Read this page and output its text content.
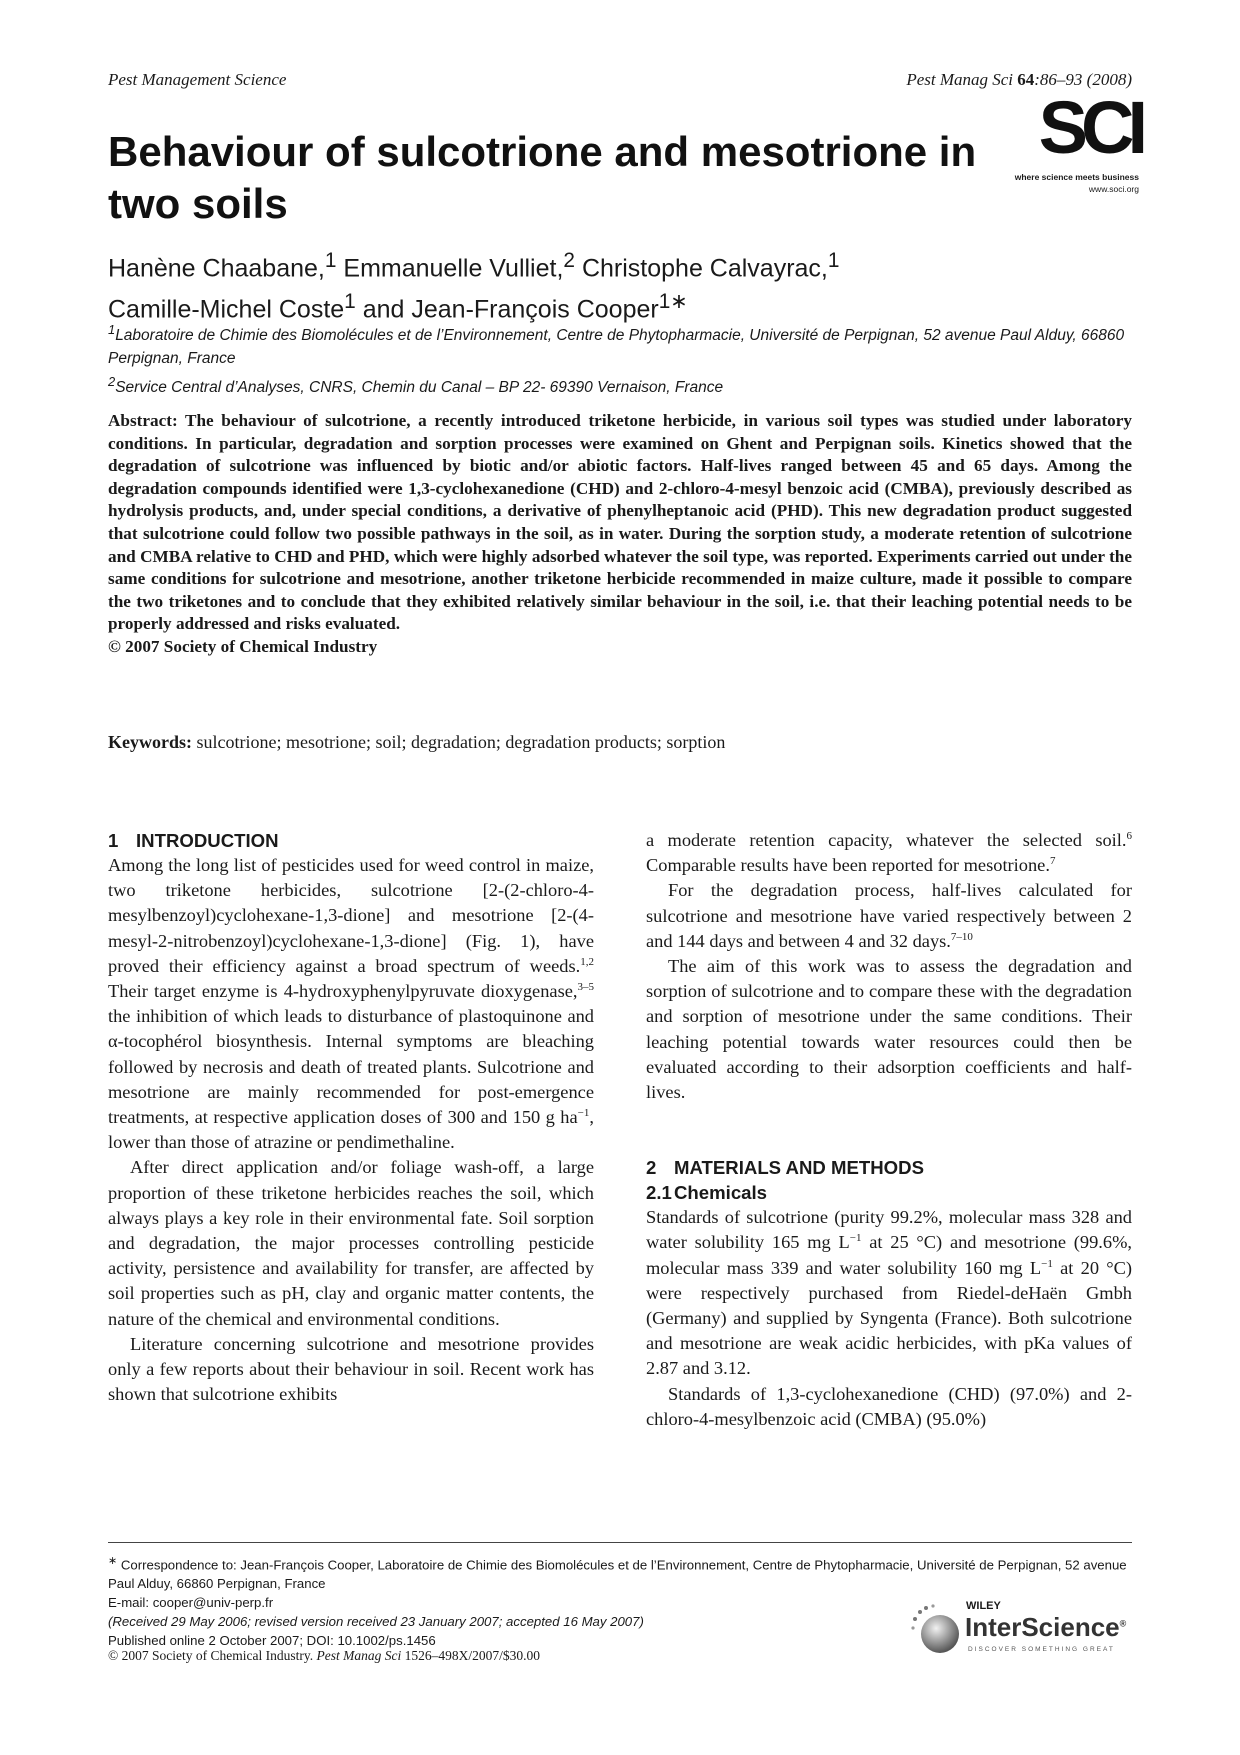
Pest Management Science	Pest Manag Sci 64:86–93 (2008)
SCI
where science meets business
www.soci.org
Behaviour of sulcotrione and mesotrione in two soils
Hanène Chaabane,$^1$ Emmanuelle Vulliet,$^2$ Christophe Calvayrac,$^1$
Camille-Michel Coste$^1$ and Jean-François Cooper$^{1∗}$

$^1$Laboratoire de Chimie des Biomolécules et de l’Environnement, Centre de Phytopharmacie, Université de Perpignan, 52 avenue Paul Alduy, 66860 Perpignan, France

$^2$Service Central d’Analyses, CNRS, Chemin du Canal – BP 22- 69390 Vernaison, France

Abstract: The behaviour of sulcotrione, a recently introduced triketone herbicide, in various soil types was studied under laboratory conditions. In particular, degradation and sorption processes were examined on Ghent and Perpignan soils. Kinetics showed that the degradation of sulcotrione was influenced by biotic and/or abiotic factors. Half-lives ranged between 45 and 65 days. Among the degradation compounds identified were 1,3-cyclohexanedione (CHD) and 2-chloro-4-mesyl benzoic acid (CMBA), previously described as hydrolysis products, and, under special conditions, a derivative of phenylheptanoic acid (PHD). This new degradation product suggested that sulcotrione could follow two possible pathways in the soil, as in water. During the sorption study, a moderate retention of sulcotrione and CMBA relative to CHD and PHD, which were highly adsorbed whatever the soil type, was reported. Experiments carried out under the same conditions for sulcotrione and mesotrione, another triketone herbicide recommended in maize culture, made it possible to compare the two triketones and to conclude that they exhibited relatively similar behaviour in the soil, i.e. that their leaching potential needs to be properly addressed and risks evaluated.

© 2007 Society of Chemical Industry

Keywords: sulcotrione; mesotrione; soil; degradation; degradation products; sorption
1 INTRODUCTION

Among the long list of pesticides used for weed control in maize, two triketone herbicides, sulcotrione [2-(2-chloro-4-mesylbenzoyl)cyclohexane-1,3-dione] and mesotrione [2-(4-mesyl-2-nitrobenzoyl)cyclohexane-1,3-dione] (Fig. 1), have proved their efficiency against a broad spectrum of weeds.$^{1,2}$ Their target enzyme is 4-hydroxyphenylpyruvate dioxygenase,$^{3-5}$ the inhibition of which leads to disturbance of plastoquinone and α-tocophérol biosynthesis. Internal symptoms are bleaching followed by necrosis and death of treated plants. Sulcotrione and mesotrione are mainly recommended for post-emergence treatments, at respective application doses of 300 and 150 g $ha^{-1}$, lower than those of atrazine or pendimethaline.

After direct application and/or foliage wash-off, a large proportion of these triketone herbicides reaches the soil, which always plays a key role in their environmental fate. Soil sorption and degradation, the major processes controlling pesticide activity, persistence and availability for transfer, are affected by soil properties such as pH, clay and organic matter contents, the nature of the chemical and environmental conditions.

Literature concerning sulcotrione and mesotrione provides only a few reports about their behaviour in soil. Recent work has shown that sulcotrione exhibits

a moderate retention capacity, whatever the selected soil.$^6$ Comparable results have been reported for mesotrione.$^7$

For the degradation process, half-lives calculated for sulcotrione and mesotrione have varied respectively between 2 and 144 days and between 4 and 32 days.$^{7-10}$

The aim of this work was to assess the degradation and sorption of sulcotrione and to compare these with the degradation and sorption of mesotrione under the same conditions. Their leaching potential towards water resources could then be evaluated according to their adsorption coefficients and half-lives.

2 MATERIALS AND METHODS
2.1 Chemicals

Standards of sulcotrione (purity 99.2%, molecular mass 328 and water solubility 165 mg $L^{-1}$ at 25 °C) and mesotrione (99.6%, molecular mass 339 and water solubility 160 mg $L^{-1}$ at 20 °C) were respectively purchased from Riedel-deHaën Gmbh (Germany) and supplied by Syngenta (France). Both sulcotrione and mesotrione are weak acidic herbicides, with pKa values of 2.87 and 3.12.

Standards of 1,3-cyclohexanedione (CHD) (97.0%) and 2-chloro-4-mesylbenzoic acid (CMBA) (95.0%)

∗ Correspondence to: Jean-François Cooper, Laboratoire de Chimie des Biomolécules et de l’Environnement, Centre de Phytopharmacie, Université de Perpignan, 52 avenue Paul Alduy, 66860 Perpignan, France

E-mail: cooper@univ-perp.fr

(Received 29 May 2006; revised version received 23 January 2007; accepted 16 May 2007)

Published online 2 October 2007; DOI: 10.1002/ps.1456

© 2007 Society of Chemical Industry. Pest Manag Sci 1526–498X/2007/$30.00
WILEY
InterScience®
DISCOVER SOMETHING GREAT
